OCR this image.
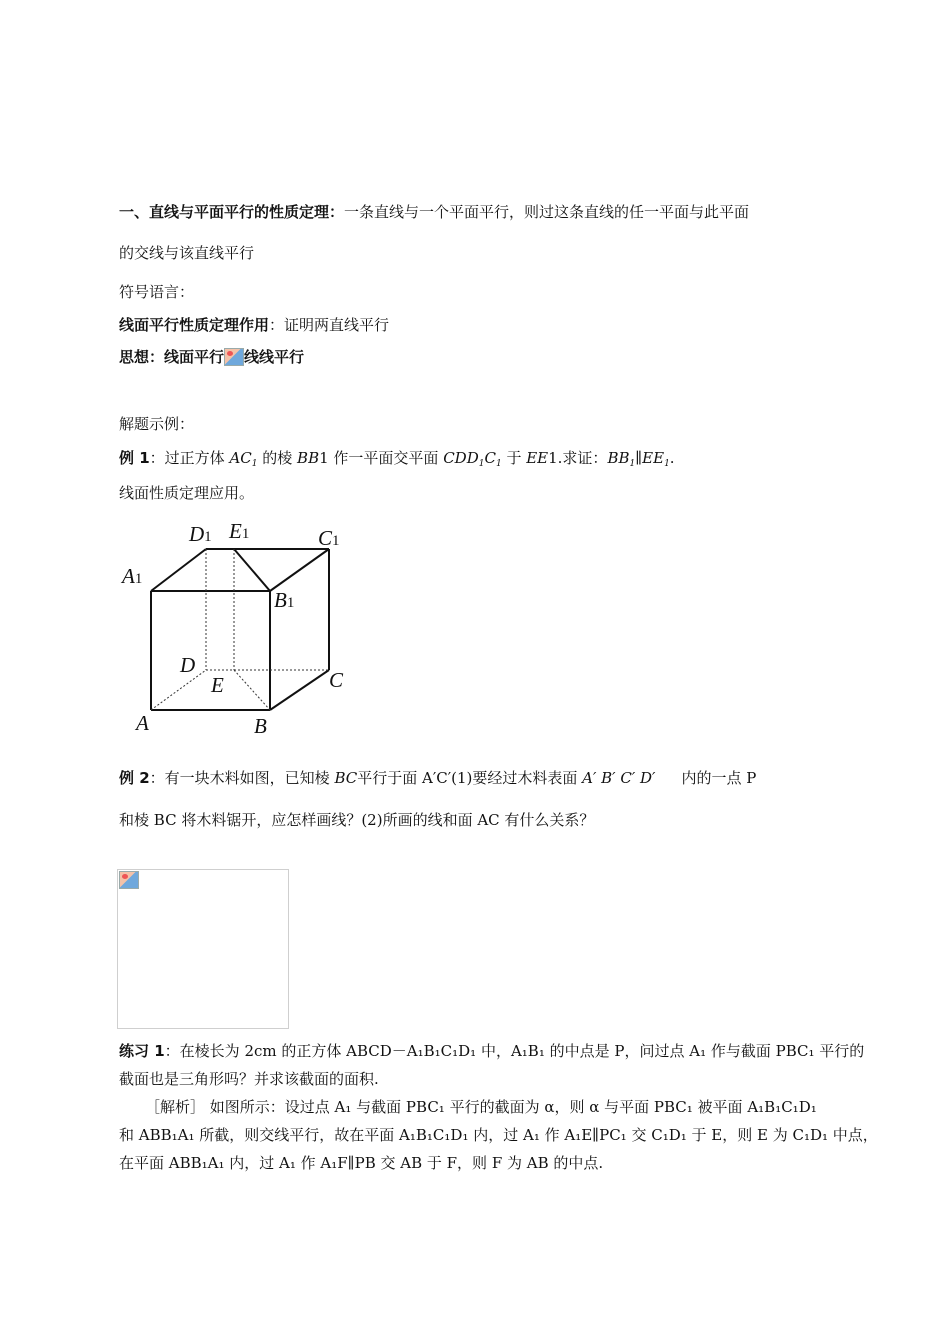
一、直线与平面平行的性质定理：一条直线与一个平面平行，则过这条直线的任一平面与此平面
的交线与该直线平行
符号语言：
线面平行性质定理作用：证明两直线平行
思想：线面平行 线线平行
解题示例：
例 1：过正方体 $AC_1$ 的棱 BB1 作一平面交平面 $CDD_1C_1$ 于 EE1.求证：$BB_1\parallel EE_1$.
线面性质定理应用。
D1 E1	C1
A1
B1
D
E	C
A	B
例 2：有一块木料如图，已知棱 BC平行于面 A′C′(1)要经过木料表面 A′ B′ C′ D′ 内的一点 P
和棱 BC 将木料锯开，应怎样画线？(2)所画的线和面 AC 有什么关系？
练习 1：在棱长为 2cm 的正方体 ABCD－A₁B₁C₁D₁ 中，A₁B₁ 的中点是 P，问过点 A₁ 作与截面 PBC₁ 平行的
截面也是三角形吗？并求该截面的面积.
［解析］ 如图所示：设过点 A₁ 与截面 PBC₁ 平行的截面为 α，则 α 与平面 PBC₁ 被平面 A₁B₁C₁D₁
和 ABB₁A₁ 所截，则交线平行，故在平面 A₁B₁C₁D₁ 内，过 A₁ 作 A₁E∥PC₁ 交 C₁D₁ 于 E，则 E 为 C₁D₁ 中点，
在平面 ABB₁A₁ 内，过 A₁ 作 A₁F∥PB 交 AB 于 F，则 F 为 AB 的中点.
